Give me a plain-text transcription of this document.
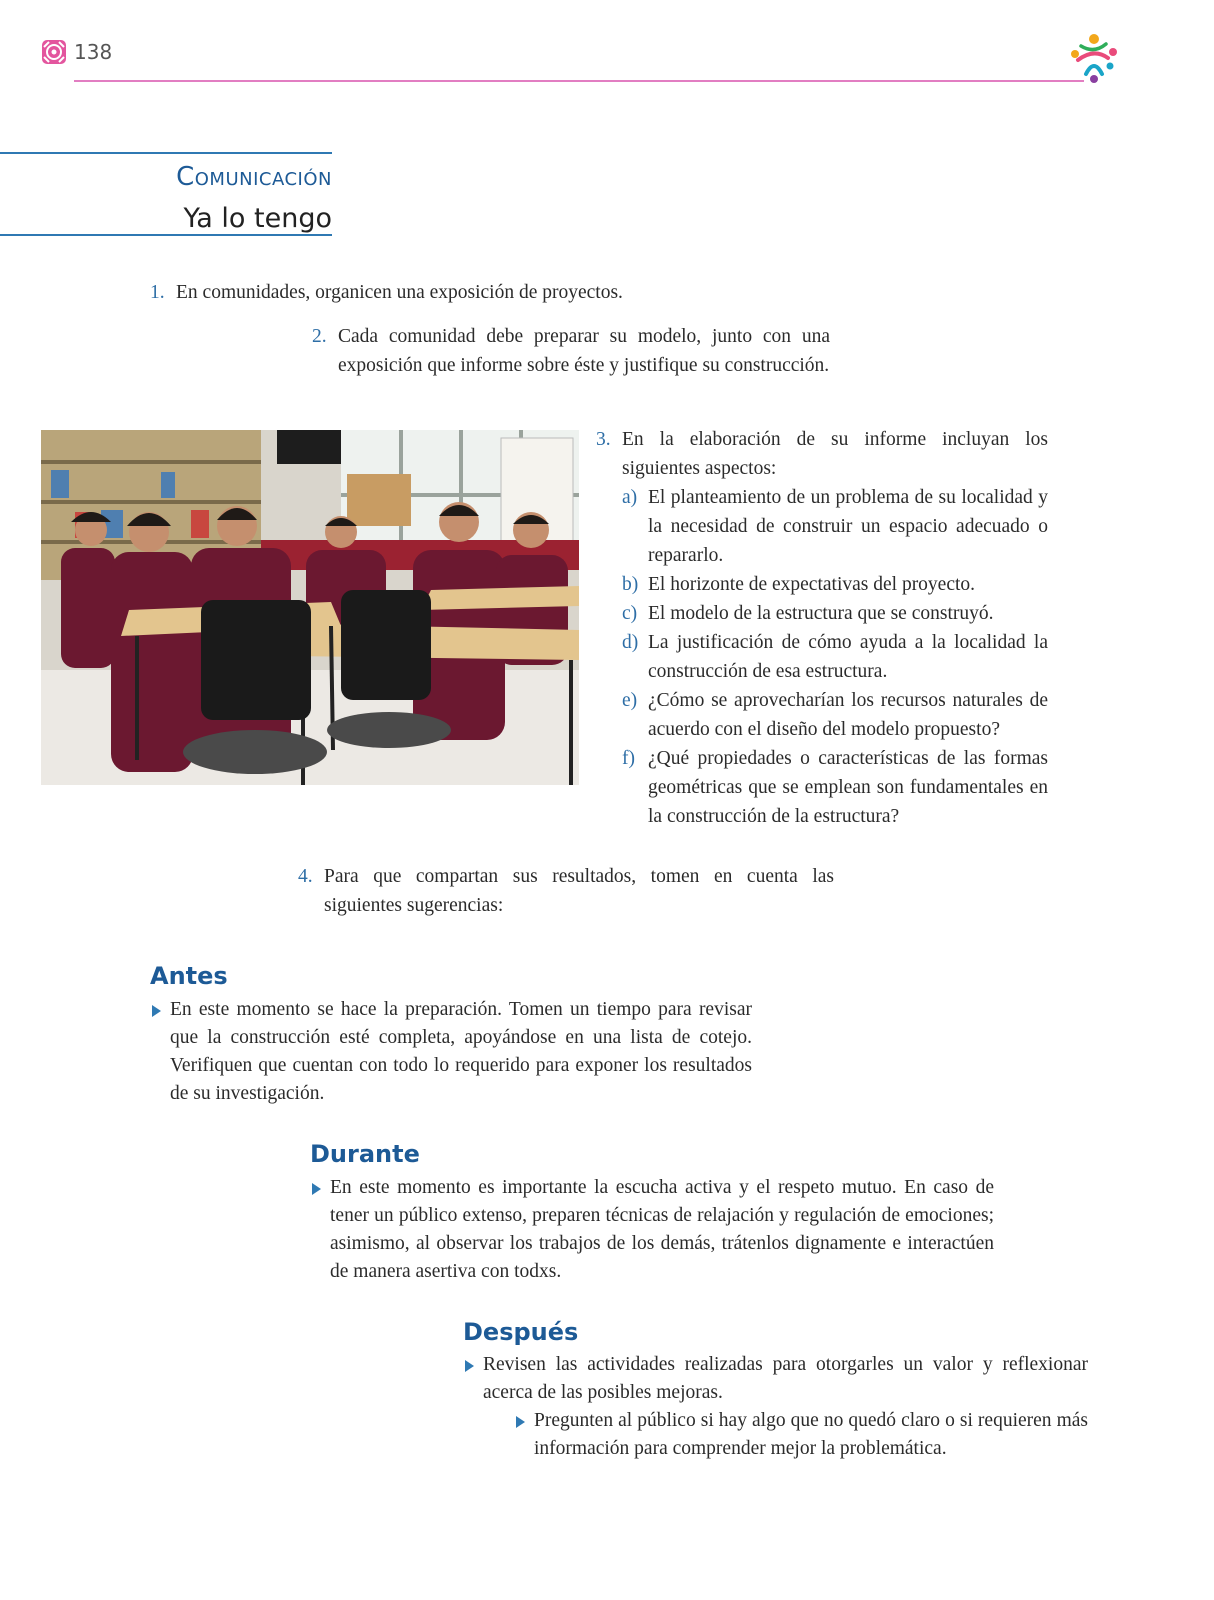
138
Comunicación
Ya lo tengo
1. En comunidades, organicen una exposición de proyectos.
2. Cada comunidad debe preparar su modelo, junto con una exposición que informe sobre éste y justifique su construcción.
3. En la elaboración de su informe incluyan los siguientes aspectos:
a) El planteamiento de un problema de su localidad y la necesidad de construir un espacio adecuado o repararlo.
b) El horizonte de expectativas del proyecto.
c) El modelo de la estructura que se construyó.
d) La justificación de cómo ayuda a la localidad la construcción de esa estructura.
e) ¿Cómo se aprovecharían los recursos naturales de acuerdo con el diseño del modelo propuesto?
f) ¿Qué propiedades o características de las formas geométricas que se emplean son fundamentales en la construcción de la estructura?
4. Para que compartan sus resultados, tomen en cuenta las siguientes sugerencias:
Antes
En este momento se hace la preparación. Tomen un tiempo para revisar que la construcción esté completa, apoyándose en una lista de cotejo. Verifiquen que cuentan con todo lo requerido para exponer los resultados de su investigación.
Durante
En este momento es importante la escucha activa y el respeto mutuo. En caso de tener un público extenso, preparen técnicas de relajación y regulación de emociones; asimismo, al observar los trabajos de los demás, trátenlos dignamente e interactúen de manera asertiva con todxs.
Después
Revisen las actividades realizadas para otorgarles un valor y reflexionar acerca de las posibles mejoras.
Pregunten al público si hay algo que no quedó claro o si requieren más información para comprender mejor la problemática.
